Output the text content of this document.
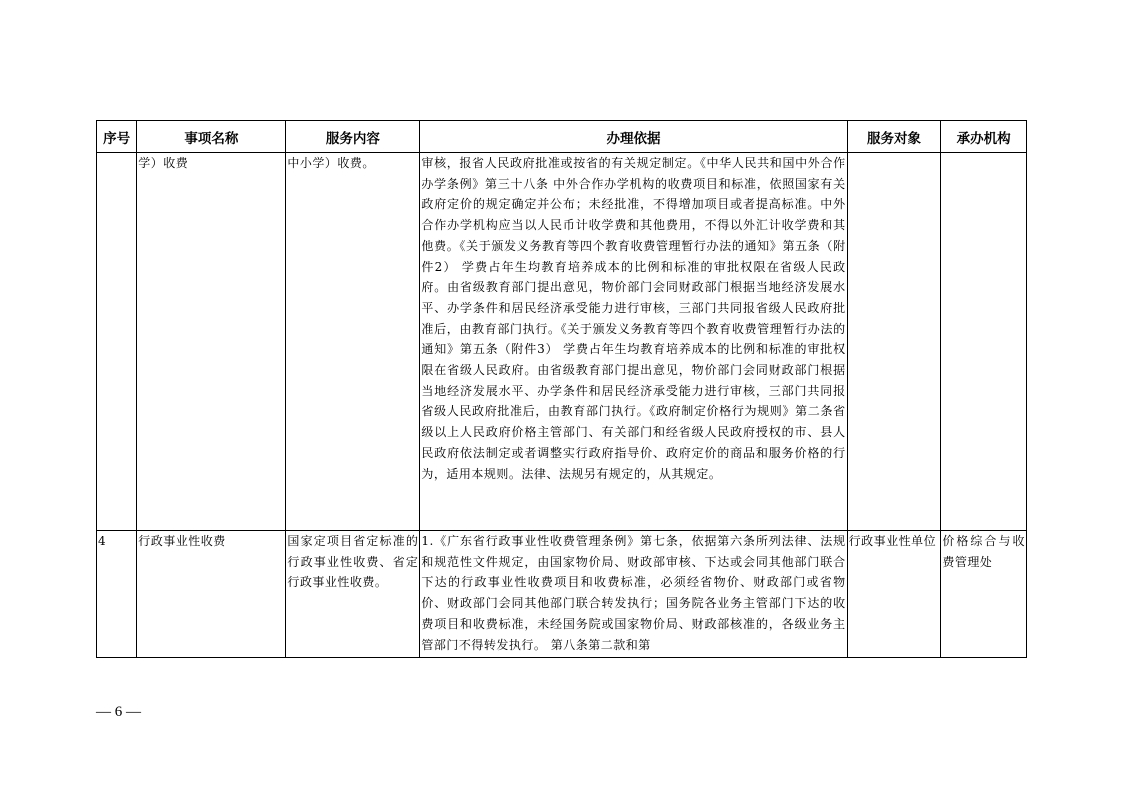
序号	事项名称	服务内容	办理依据	服务对象	承办机构

	学）收费	中小学）收费。	审核，报省人民政府批准或按省的有关规定制定。《中华人民共和国中外合作办学条例》第三十八条 中外合作办学机构的收费项目和标准，依照国家有关政府定价的规定确定并公布；未经批准，不得增加项目或者提高标准。中外合作办学机构应当以人民币计收学费和其他费用，不得以外汇计收学费和其他费。《关于颁发义务教育等四个教育收费管理暂行办法的通知》第五条（附件2） 学费占年生均教育培养成本的比例和标准的审批权限在省级人民政府。由省级教育部门提出意见，物价部门会同财政部门根据当地经济发展水平、办学条件和居民经济承受能力进行审核，三部门共同报省级人民政府批准后，由教育部门执行。《关于颁发义务教育等四个教育收费管理暂行办法的通知》第五条（附件3） 学费占年生均教育培养成本的比例和标准的审批权限在省级人民政府。由省级教育部门提出意见，物价部门会同财政部门根据当地经济发展水平、办学条件和居民经济承受能力进行审核，三部门共同报省级人民政府批准后，由教育部门执行。《政府制定价格行为规则》第二条省级以上人民政府价格主管部门、有关部门和经省级人民政府授权的市、县人民政府依法制定或者调整实行政府指导价、政府定价的商品和服务价格的行为，适用本规则。法律、法规另有规定的，从其规定。		

4	行政事业性收费	国家定项目省定标准的行政事业性收费、省定行政事业性收费。	1.《广东省行政事业性收费管理条例》第七条，依据第六条所列法律、法规和规范性文件规定，由国家物价局、财政部审核、下达或会同其他部门联合下达的行政事业性收费项目和收费标准，必须经省物价、财政部门或省物价、财政部门会同其他部门联合转发执行；国务院各业务主管部门下达的收费项目和收费标准，未经国务院或国家物价局、财政部核准的，各级业务主管部门不得转发执行。 第八条第二款和第	行政事业性单位	价格综合与收费管理处
— 6 —
